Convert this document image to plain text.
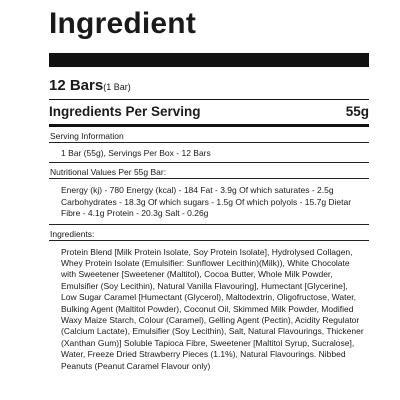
Ingredient
12 Bars(1 Bar)
Ingredients Per Serving	55g
Serving Information
1 Bar (55g), Servings Per Box - 12 Bars
Nutritional Values Per 55g Bar:
Energy (kj) - 780 Energy (kcal) - 184 Fat - 3.9g Of which saturates - 2.5g Carbohydrates - 18.3g Of which sugars - 1.5g Of which polyols - 15.7g Dietar Fibre - 4.1g Protein - 20.3g Salt - 0.26g
Ingredients:
Protein Blend [Milk Protein Isolate, Soy Protein Isolate], Hydrolysed Collagen, Whey Protein Isolate (Emulsifier: Sunflower Lecithin)(Milk)), White Chocolate with Sweetener [Sweetener (Maltitol), Cocoa Butter, Whole Milk Powder, Emulsifier (Soy Lecithin), Natural Vanilla Flavouring], Humectant [Glycerine], Low Sugar Caramel [Humectant (Glycerol), Maltodextrin, Oligofructose, Water, Bulking Agent (Maltitol Powder), Coconut Oil, Skimmed Milk Powder, Modified Waxy Maize Starch, Colour (Caramel), Gelling Agent (Pectin), Acidity Regulator (Calcium Lactate), Emulsifier (Soy Lecithin), Salt, Natural Flavourings, Thickener (Xanthan Gum)] Soluble Tapioca Fibre, Sweetener [Maltitol Syrup, Sucralose], Water, Freeze Dried Strawberry Pieces (1.1%), Natural Flavourings. Nibbed Peanuts (Peanut Caramel Flavour only)
